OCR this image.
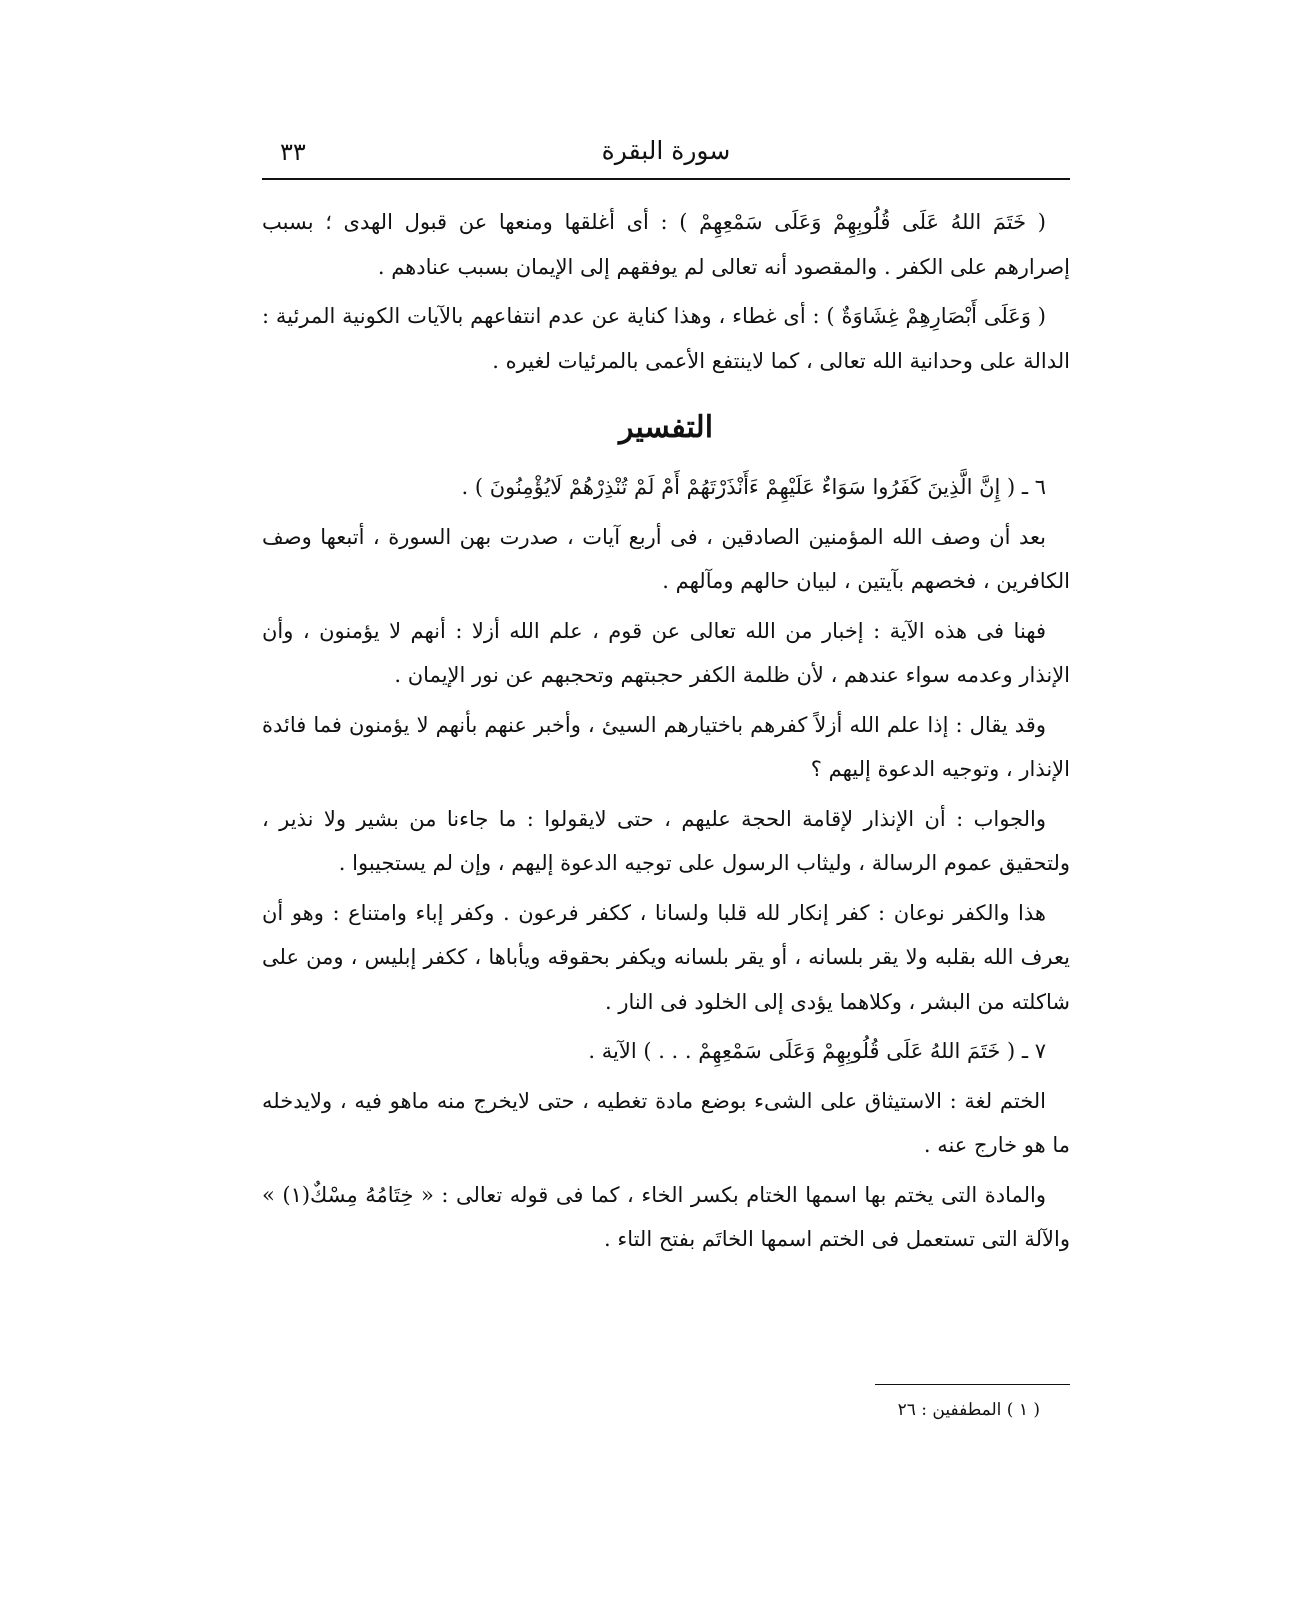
٣٣	سورة البقرة

( خَتَمَ اللهُ عَلَى قُلُوبِهِمْ وَعَلَى سَمْعِهِمْ ) : أى أغلقها ومنعها عن قبول الهدى ؛ بسبب إصرارهم على الكفر . والمقصود أنه تعالى لم يوفقهم إلى الإيمان بسبب عنادهم .

( وَعَلَى أَبْصَارِهِمْ غِشَاوَةٌ ) : أى غطاء ، وهذا كناية عن عدم انتفاعهم بالآيات الكونية المرئية : الدالة على وحدانية الله تعالى ، كما لاينتفع الأعمى بالمرئيات لغيره .

التفسير

٦ ـ ( إِنَّ الَّذِينَ كَفَرُوا سَوَاءٌ عَلَيْهِمْ ءَأَنْذَرْتَهُمْ أَمْ لَمْ تُنْذِرْهُمْ لَايُؤْمِنُونَ ) .

بعد أن وصف الله المؤمنين الصادقين ، فى أربع آيات ، صدرت بهن السورة ، أتبعها وصف الكافرين ، فخصهم بآيتين ، لبيان حالهم ومآلهم .

فهنا فى هذه الآية : إخبار من الله تعالى عن قوم ، علم الله أزلا : أنهم لا يؤمنون ، وأن الإنذار وعدمه سواء عندهم ، لأن ظلمة الكفر حجبتهم وتحجبهم عن نور الإيمان .

وقد يقال : إذا علم الله أزلاً كفرهم باختيارهم السيئ ، وأخبر عنهم بأنهم لا يؤمنون فما فائدة الإنذار ، وتوجيه الدعوة إليهم ؟

والجواب : أن الإنذار لإقامة الحجة عليهم ، حتى لايقولوا : ما جاءنا من بشير ولا نذير ، ولتحقيق عموم الرسالة ، وليثاب الرسول على توجيه الدعوة إليهم ، وإن لم يستجيبوا .

هذا والكفر نوعان : كفر إنكار لله قلبا ولسانا ، ككفر فرعون . وكفر إباء وامتناع : وهو أن يعرف الله بقلبه ولا يقر بلسانه ، أو يقر بلسانه ويكفر بحقوقه ويأباها ، ككفر إبليس ، ومن على شاكلته من البشر ، وكلاهما يؤدى إلى الخلود فى النار .

٧ ـ ( خَتَمَ اللهُ عَلَى قُلُوبِهِمْ وَعَلَى سَمْعِهِمْ . . . ) الآية .

الختم لغة : الاستيثاق على الشىء بوضع مادة تغطيه ، حتى لايخرج منه ماهو فيه ، ولايدخله ما هو خارج عنه .

والمادة التى يختم بها اسمها الختام بكسر الخاء ، كما فى قوله تعالى : « خِتَامُهُ مِسْكٌ(١) » والآلة التى تستعمل فى الختم اسمها الخاتَم بفتح التاء .

( ١ ) المطففين : ٢٦
